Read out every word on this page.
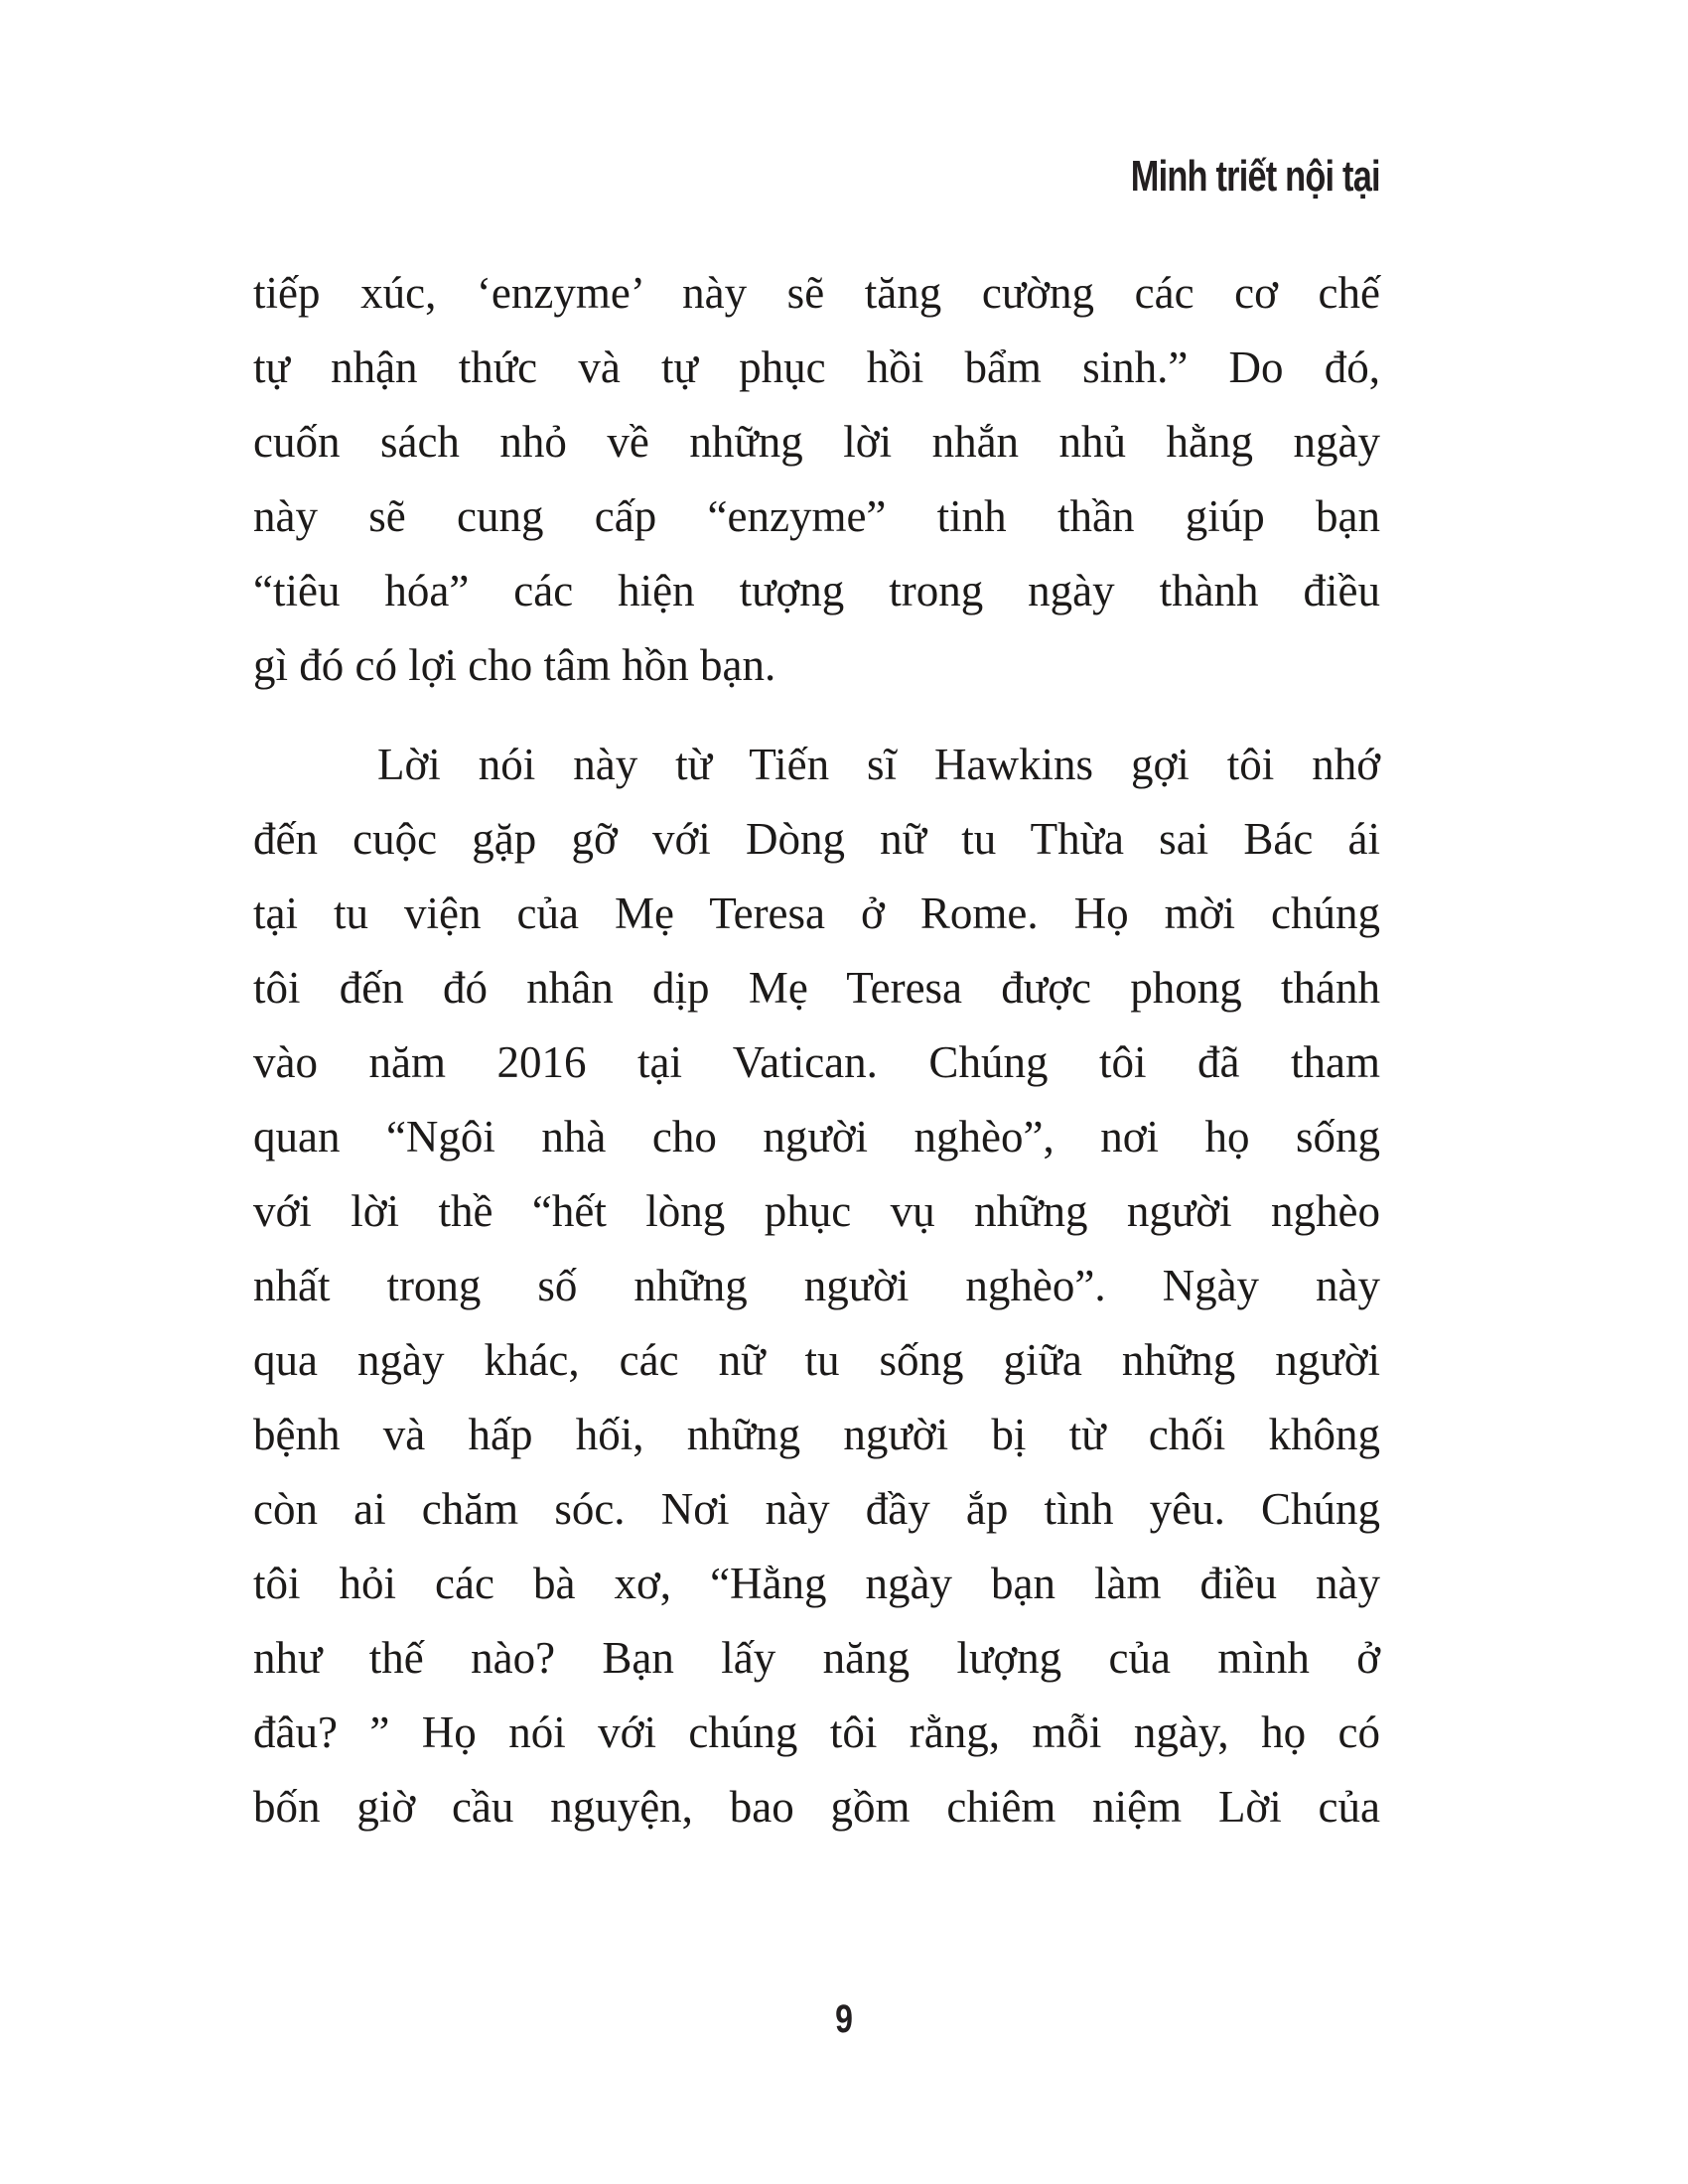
Minh triết nội tại
tiếp xúc, ‘enzyme’ này sẽ tăng cường các cơ chế
tự nhận thức và tự phục hồi bẩm sinh.” Do đó,
cuốn sách nhỏ về những lời nhắn nhủ hằng ngày
này sẽ cung cấp “enzyme” tinh thần giúp bạn
“tiêu hóa” các hiện tượng trong ngày thành điều
gì đó có lợi cho tâm hồn bạn.
Lời nói này từ Tiến sĩ Hawkins gợi tôi nhớ
đến cuộc gặp gỡ với Dòng nữ tu Thừa sai Bác ái
tại tu viện của Mẹ Teresa ở Rome. Họ mời chúng
tôi đến đó nhân dịp Mẹ Teresa được phong thánh
vào năm 2016 tại Vatican. Chúng tôi đã tham
quan “Ngôi nhà cho người nghèo”, nơi họ sống
với lời thề “hết lòng phục vụ những người nghèo
nhất trong số những người nghèo”. Ngày này
qua ngày khác, các nữ tu sống giữa những người
bệnh và hấp hối, những người bị từ chối không
còn ai chăm sóc. Nơi này đầy ắp tình yêu. Chúng
tôi hỏi các bà xơ, “Hằng ngày bạn làm điều này
như thế nào? Bạn lấy năng lượng của mình ở
đâu? ” Họ nói với chúng tôi rằng, mỗi ngày, họ có
bốn giờ cầu nguyện, bao gồm chiêm niệm Lời của
9
